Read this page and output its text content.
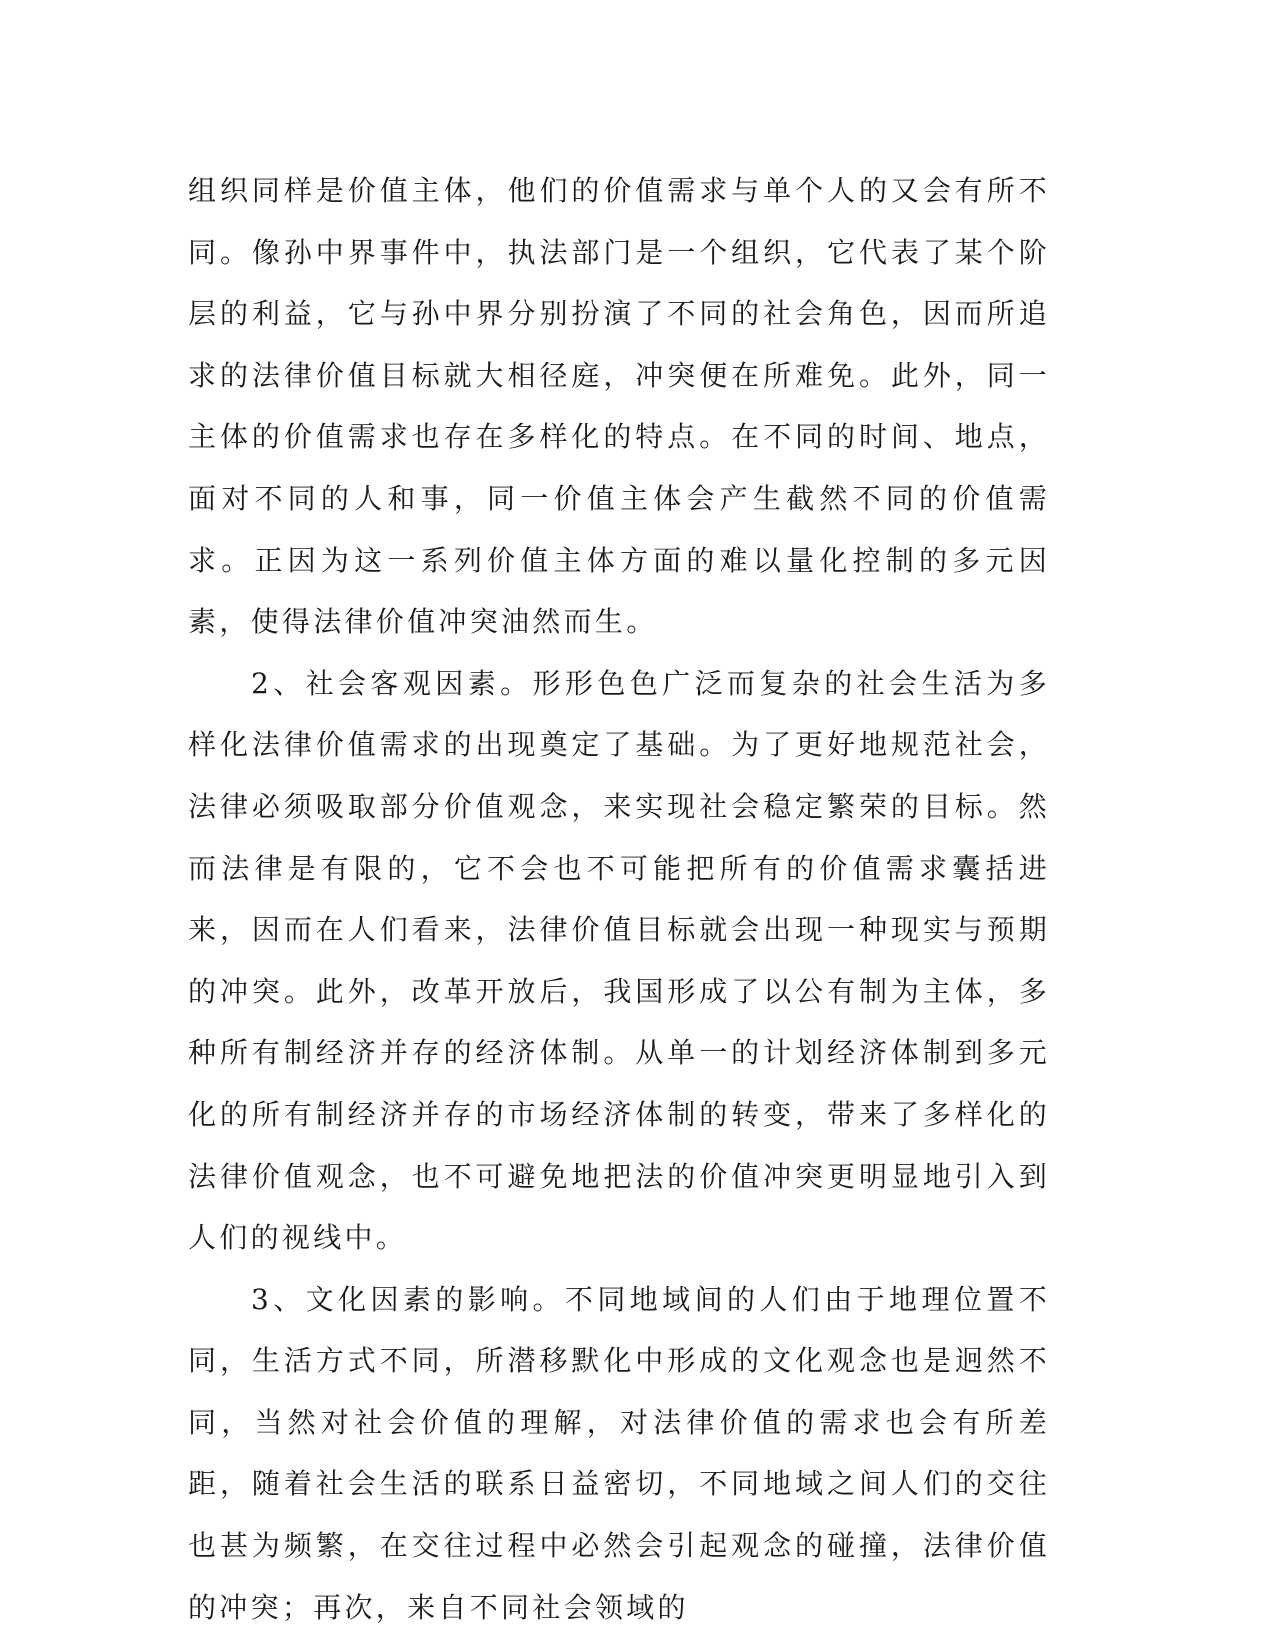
组织同样是价值主体，他们的价值需求与单个人的又会有所不同。像孙中界事件中，执法部门是一个组织，它代表了某个阶层的利益，它与孙中界分别扮演了不同的社会角色，因而所追求的法律价值目标就大相径庭，冲突便在所难免。此外，同一主体的价值需求也存在多样化的特点。在不同的时间、地点，面对不同的人和事，同一价值主体会产生截然不同的价值需求。正因为这一系列价值主体方面的难以量化控制的多元因素，使得法律价值冲突油然而生。

2、社会客观因素。形形色色广泛而复杂的社会生活为多样化法律价值需求的出现奠定了基础。为了更好地规范社会，法律必须吸取部分价值观念，来实现社会稳定繁荣的目标。然而法律是有限的，它不会也不可能把所有的价值需求囊括进来，因而在人们看来，法律价值目标就会出现一种现实与预期的冲突。此外，改革开放后，我国形成了以公有制为主体，多种所有制经济并存的经济体制。从单一的计划经济体制到多元化的所有制经济并存的市场经济体制的转变，带来了多样化的法律价值观念，也不可避免地把法的价值冲突更明显地引入到人们的视线中。

3、文化因素的影响。不同地域间的人们由于地理位置不同，生活方式不同，所潜移默化中形成的文化观念也是迥然不同，当然对社会价值的理解，对法律价值的需求也会有所差距，随着社会生活的联系日益密切，不同地域之间人们的交往也甚为频繁，在交往过程中必然会引起观念的碰撞，法律价值的冲突；再次，来自不同社会领域的
